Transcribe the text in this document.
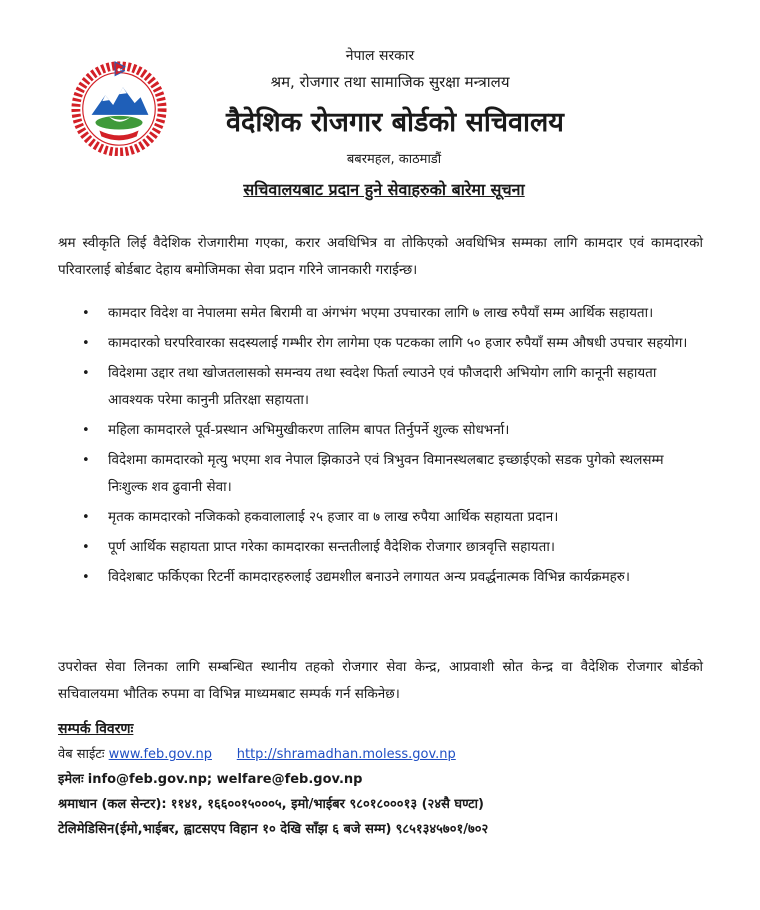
नेपाल सरकार
श्रम, रोजगार तथा सामाजिक सुरक्षा मन्त्रालय
वैदेशिक रोजगार बोर्डको सचिवालय
बबरमहल, काठमाडौं
सचिवालयबाट प्रदान हुने सेवाहरुको बारेमा सूचना
श्रम स्वीकृति लिई वैदेशिक रोजगारीमा गएका, करार अवधिभित्र वा तोकिएको अवधिभित्र सम्मका लागि कामदार एवं कामदारको परिवारलाई बोर्डबाट देहाय बमोजिमका सेवा प्रदान गरिने जानकारी गराईन्छ।
• कामदार विदेश वा नेपालमा समेत बिरामी वा अंगभंग भएमा उपचारका लागि ७ लाख रुपैयाँ सम्म आर्थिक सहायता।
• कामदारको घरपरिवारका सदस्यलाई गम्भीर रोग लागेमा एक पटकका लागि ५० हजार रुपैयाँ सम्म औषधी उपचार सहयोग।
• विदेशमा उद्दार तथा खोजतलासको समन्वय तथा स्वदेश फिर्ता ल्याउने एवं फौजदारी अभियोग लागि कानूनी सहायता आवश्यक परेमा कानुनी प्रतिरक्षा सहायता।
• महिला कामदारले पूर्व-प्रस्थान अभिमुखीकरण तालिम बापत तिर्नुपर्ने शुल्क सोधभर्ना।
• विदेशमा कामदारको मृत्यु भएमा शव नेपाल झिकाउने एवं त्रिभुवन विमानस्थलबाट इच्छाईएको सडक पुगेको स्थलसम्म निःशुल्क शव ढुवानी सेवा।
• मृतक कामदारको नजिकको हकवालालाई २५ हजार वा ७ लाख रुपैया आर्थिक सहायता प्रदान।
• पूर्ण आर्थिक सहायता प्राप्त गरेका कामदारका सन्ततीलाई वैदेशिक रोजगार छात्रवृत्ति सहायता।
• विदेशबाट फर्किएका रिटर्नी कामदारहरुलाई उद्यमशील बनाउने लगायत अन्य प्रवर्द्धनात्मक विभिन्न कार्यक्रमहरु।
उपरोक्त सेवा लिनका लागि सम्बन्धित स्थानीय तहको रोजगार सेवा केन्द्र, आप्रवाशी स्रोत केन्द्र वा वैदेशिक रोजगार बोर्डको सचिवालयमा भौतिक रुपमा वा विभिन्न माध्यमबाट सम्पर्क गर्न सकिनेछ।
सम्पर्क विवरणः
वेब साईटः www.feb.gov.np http://shramadhan.moless.gov.np
इमेलः info@feb.gov.np; welfare@feb.gov.np
श्रमाधान (कल सेन्टर): ११४१, १६६००१५०००५, इमो/भाईबर ९८०१८०००१३ (२४सै घण्टा)
टेलिमेडिसिन(ईमो,भाईबर, ह्वाटसएप विहान १० देखि साँझ ६ बजे सम्म) ९८५१३४५७०१/७०२
